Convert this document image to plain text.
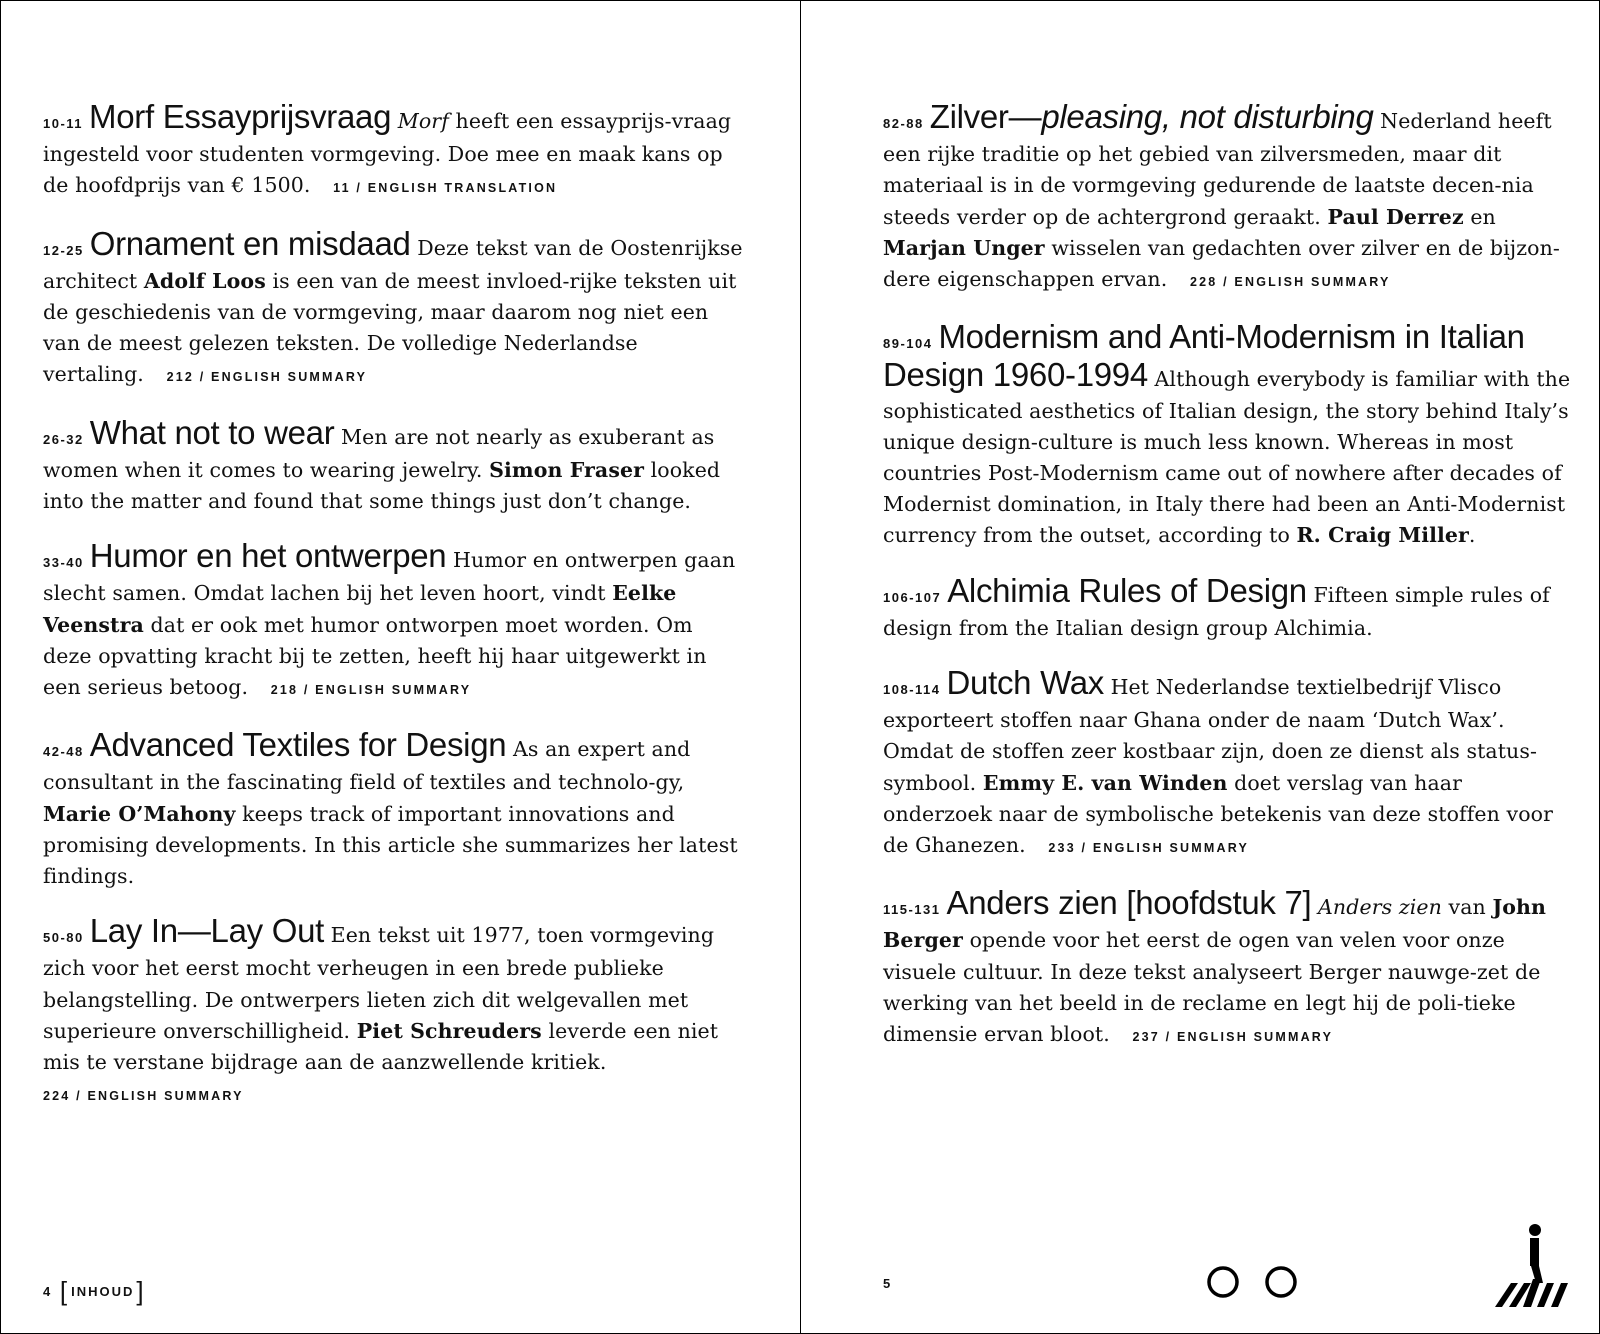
10-11 Morf Essayprijsvraag Morf heeft een essayprijs-vraag ingesteld voor studenten vormgeving. Doe mee en maak kans op de hoofdprijs van € 1500. 11 / ENGLISH TRANSLATION

12-25 Ornament en misdaad Deze tekst van de Oostenrijkse architect Adolf Loos is een van de meest invloed-rijke teksten uit de geschiedenis van de vormgeving, maar daarom nog niet een van de meest gelezen teksten. De volledige Nederlandse vertaling. 212 / ENGLISH SUMMARY

26-32 What not to wear Men are not nearly as exuberant as women when it comes to wearing jewelry. Simon Fraser looked into the matter and found that some things just don’t change.

33-40 Humor en het ontwerpen Humor en ontwerpen gaan slecht samen. Omdat lachen bij het leven hoort, vindt Eelke Veenstra dat er ook met humor ontworpen moet worden. Om deze opvatting kracht bij te zetten, heeft hij haar uitgewerkt in een serieus betoog. 218 / ENGLISH SUMMARY

42-48 Advanced Textiles for Design As an expert and consultant in the fascinating field of textiles and technolo-gy, Marie O’Mahony keeps track of important innovations and promising developments. In this article she summarizes her latest findings.

50-80 Lay In—Lay Out Een tekst uit 1977, toen vormgeving zich voor het eerst mocht verheugen in een brede publieke belangstelling. De ontwerpers lieten zich dit welgevallen met superieure onverschilligheid. Piet Schreuders leverde een niet mis te verstane bijdrage aan de aanzwellende kritiek.
224 / ENGLISH SUMMARY

4 [ INHOUD]

82-88 Zilver—pleasing, not disturbing Nederland heeft een rijke traditie op het gebied van zilversmeden, maar dit materiaal is in de vormgeving gedurende de laatste decen-nia steeds verder op de achtergrond geraakt. Paul Derrez en Marjan Unger wisselen van gedachten over zilver en de bijzon-dere eigenschappen ervan. 228 / ENGLISH SUMMARY

89-104 Modernism and Anti-Modernism in Italian Design 1960-1994 Although everybody is familiar with the sophisticated aesthetics of Italian design, the story behind Italy’s unique design-culture is much less known. Whereas in most countries Post-Modernism came out of nowhere after decades of Modernist domination, in Italy there had been an Anti-Modernist currency from the outset, according to R. Craig Miller.

106-107 Alchimia Rules of Design Fifteen simple rules of design from the Italian design group Alchimia.

108-114 Dutch Wax Het Nederlandse textielbedrijf Vlisco exporteert stoffen naar Ghana onder de naam ‘Dutch Wax’. Omdat de stoffen zeer kostbaar zijn, doen ze dienst als status-symbool. Emmy E. van Winden doet verslag van haar onderzoek naar de symbolische betekenis van deze stoffen voor de Ghanezen. 233 / ENGLISH SUMMARY

115-131 Anders zien [hoofdstuk 7] Anders zien van John Berger opende voor het eerst de ogen van velen voor onze visuele cultuur. In deze tekst analyseert Berger nauwge-zet de werking van het beeld in de reclame en legt hij de poli-tieke dimensie ervan bloot. 237 / ENGLISH SUMMARY

5
